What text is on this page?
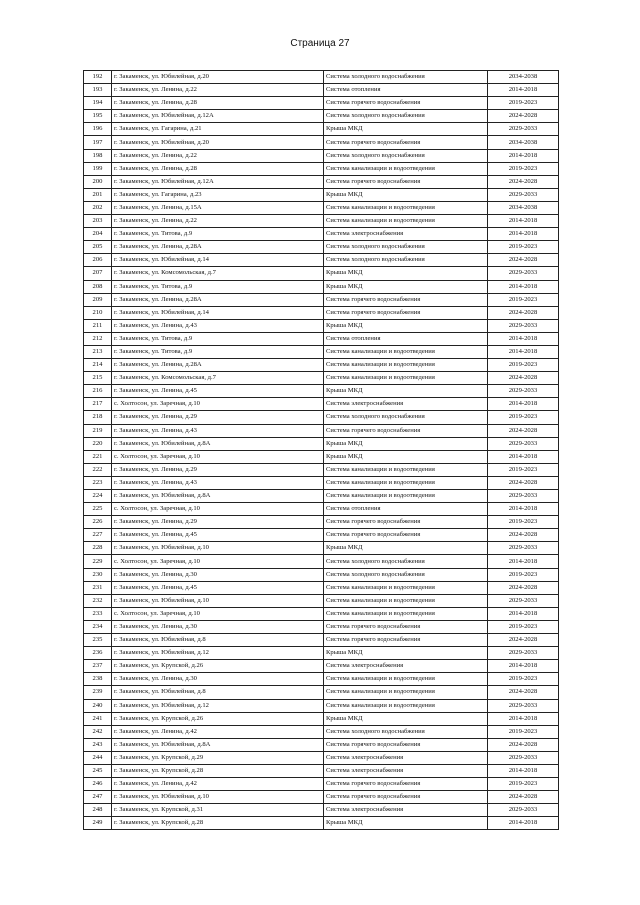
Страница 27
192	г. Закаменск, ул. Юбилейная, д.20	Система холодного водоснабжения	2034-2038
193	г. Закаменск, ул. Ленина, д.22	Система отопления	2014-2018
194	г. Закаменск, ул. Ленина, д.28	Система горячего водоснабжения	2019-2023
195	г. Закаменск, ул. Юбилейная, д.12А	Система холодного водоснабжения	2024-2028
196	г. Закаменск, ул. Гагарина, д.21	Крыша МКД	2029-2033
197	г. Закаменск, ул. Юбилейная, д.20	Система горячего водоснабжения	2034-2038
198	г. Закаменск, ул. Ленина, д.22	Система холодного водоснабжения	2014-2018
199	г. Закаменск, ул. Ленина, д.28	Система канализации и водоотведения	2019-2023
200	г. Закаменск, ул. Юбилейная, д.12А	Система горячего водоснабжения	2024-2028
201	г. Закаменск, ул. Гагарина, д.23	Крыша МКД	2029-2033
202	г. Закаменск, ул. Ленина, д.15А	Система канализации и водоотведения	2034-2038
203	г. Закаменск, ул. Ленина, д.22	Система канализации и водоотведения	2014-2018
204	г. Закаменск, ул. Титова, д.9	Система электроснабжения	2014-2018
205	г. Закаменск, ул. Ленина, д.28А	Система холодного водоснабжения	2019-2023
206	г. Закаменск, ул. Юбилейная, д.14	Система холодного водоснабжения	2024-2028
207	г. Закаменск, ул. Комсомольская, д.7	Крыша МКД	2029-2033
208	г. Закаменск, ул. Титова, д.9	Крыша МКД	2014-2018
209	г. Закаменск, ул. Ленина, д.28А	Система горячего водоснабжения	2019-2023
210	г. Закаменск, ул. Юбилейная, д.14	Система горячего водоснабжения	2024-2028
211	г. Закаменск, ул. Ленина, д.43	Крыша МКД	2029-2033
212	г. Закаменск, ул. Титова, д.9	Система отопления	2014-2018
213	г. Закаменск, ул. Титова, д.9	Система канализации и водоотведения	2014-2018
214	г. Закаменск, ул. Ленина, д.28А	Система канализации и водоотведения	2019-2023
215	г. Закаменск, ул. Комсомольская, д.7	Система канализации и водоотведения	2024-2028
216	г. Закаменск, ул. Ленина, д.45	Крыша МКД	2029-2033
217	с. Холтосон, ул. Заречная, д.10	Система электроснабжения	2014-2018
218	г. Закаменск, ул. Ленина, д.29	Система холодного водоснабжения	2019-2023
219	г. Закаменск, ул. Ленина, д.43	Система горячего водоснабжения	2024-2028
220	г. Закаменск, ул. Юбилейная, д.8А	Крыша МКД	2029-2033
221	с. Холтосон, ул. Заречная, д.10	Крыша МКД	2014-2018
222	г. Закаменск, ул. Ленина, д.29	Система канализации и водоотведения	2019-2023
223	г. Закаменск, ул. Ленина, д.43	Система канализации и водоотведения	2024-2028
224	г. Закаменск, ул. Юбилейная, д.8А	Система канализации и водоотведения	2029-2033
225	с. Холтосон, ул. Заречная, д.10	Система отопления	2014-2018
226	г. Закаменск, ул. Ленина, д.29	Система горячего водоснабжения	2019-2023
227	г. Закаменск, ул. Ленина, д.45	Система горячего водоснабжения	2024-2028
228	г. Закаменск, ул. Юбилейная, д.10	Крыша МКД	2029-2033
229	с. Холтосон, ул. Заречная, д.10	Система холодного водоснабжения	2014-2018
230	г. Закаменск, ул. Ленина, д.30	Система холодного водоснабжения	2019-2023
231	г. Закаменск, ул. Ленина, д.45	Система канализации и водоотведения	2024-2028
232	г. Закаменск, ул. Юбилейная, д.10	Система канализации и водоотведения	2029-2033
233	с. Холтосон, ул. Заречная, д.10	Система канализации и водоотведения	2014-2018
234	г. Закаменск, ул. Ленина, д.30	Система горячего водоснабжения	2019-2023
235	г. Закаменск, ул. Юбилейная, д.8	Система горячего водоснабжения	2024-2028
236	г. Закаменск, ул. Юбилейная, д.12	Крыша МКД	2029-2033
237	г. Закаменск, ул. Крупской, д.26	Система электроснабжения	2014-2018
238	г. Закаменск, ул. Ленина, д.30	Система канализации и водоотведения	2019-2023
239	г. Закаменск, ул. Юбилейная, д.8	Система канализации и водоотведения	2024-2028
240	г. Закаменск, ул. Юбилейная, д.12	Система канализации и водоотведения	2029-2033
241	г. Закаменск, ул. Крупской, д.26	Крыша МКД	2014-2018
242	г. Закаменск, ул. Ленина, д.42	Система холодного водоснабжения	2019-2023
243	г. Закаменск, ул. Юбилейная, д.8А	Система горячего водоснабжения	2024-2028
244	г. Закаменск, ул. Крупской, д.29	Система электроснабжения	2029-2033
245	г. Закаменск, ул. Крупской, д.28	Система электроснабжения	2014-2018
246	г. Закаменск, ул. Ленина, д.42	Система горячего водоснабжения	2019-2023
247	г. Закаменск, ул. Юбилейная, д.10	Система горячего водоснабжения	2024-2028
248	г. Закаменск, ул. Крупской, д.31	Система электроснабжения	2029-2033
249	г. Закаменск, ул. Крупской, д.28	Крыша МКД	2014-2018
